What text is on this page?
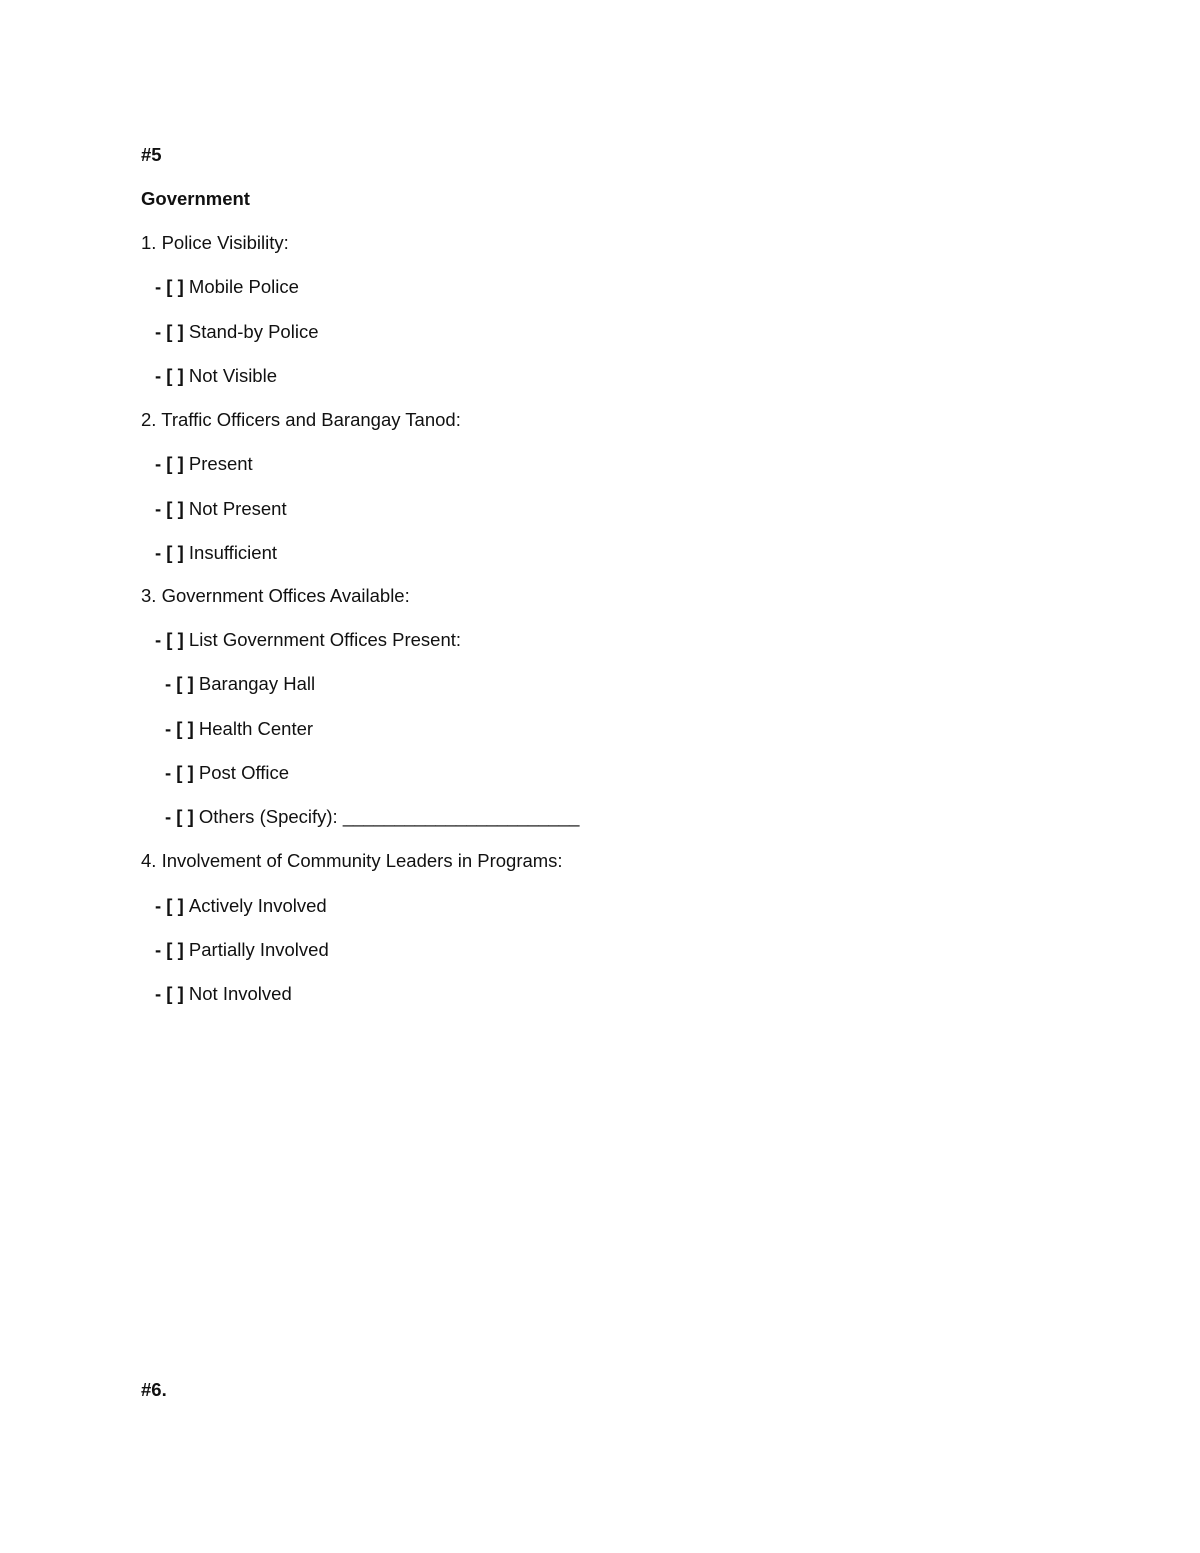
#5
Government
1. Police Visibility:
- [ ] Mobile Police
- [ ] Stand-by Police
- [ ] Not Visible
2. Traffic Officers and Barangay Tanod:
- [ ] Present
- [ ] Not Present
- [ ] Insufficient
3. Government Offices Available:
- [ ] List Government Offices Present:
- [ ] Barangay Hall
- [ ] Health Center
- [ ] Post Office
- [ ] Others (Specify): _______________________
4. Involvement of Community Leaders in Programs:
- [ ] Actively Involved
- [ ] Partially Involved
- [ ] Not Involved
#6.
